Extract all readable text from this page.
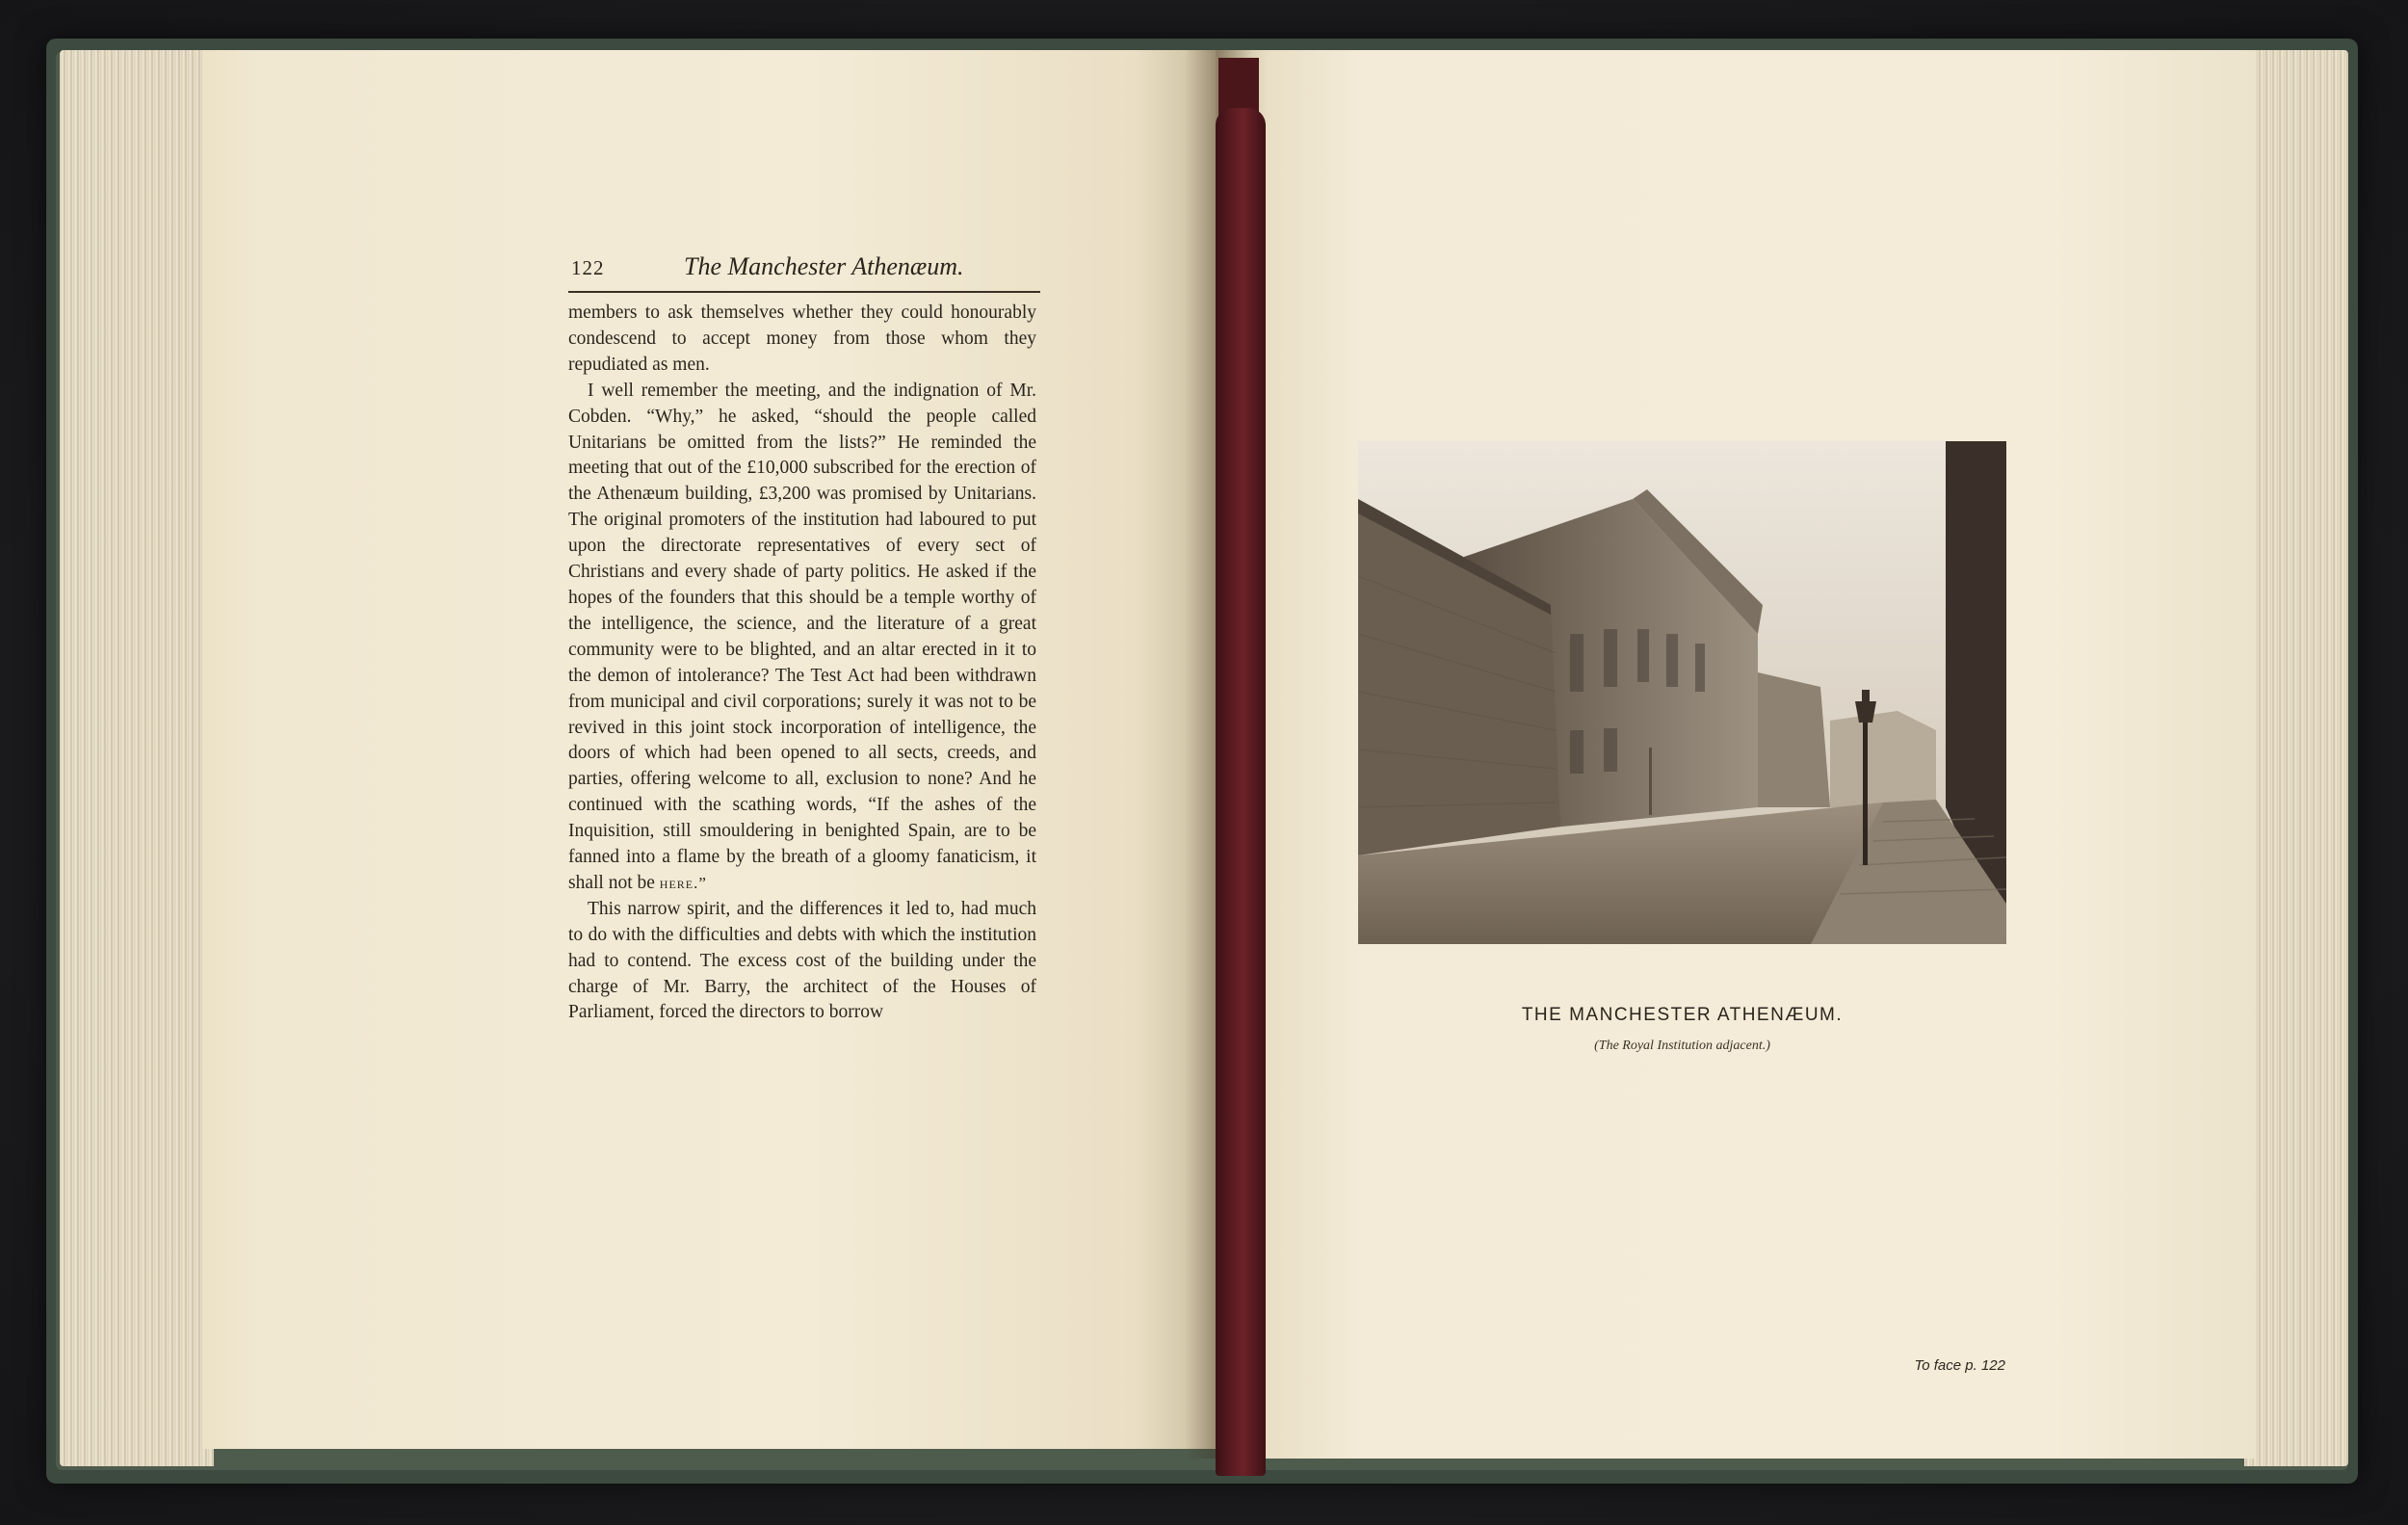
122	The Manchester Athenæum.

members to ask themselves whether they could honourably condescend to accept money from those whom they repudiated as men.

I well remember the meeting, and the indignation of Mr. Cobden. “Why,” he asked, “should the people called Unitarians be omitted from the lists?” He reminded the meeting that out of the £10,000 subscribed for the erection of the Athenæum building, £3,200 was promised by Unitarians. The original promoters of the institution had laboured to put upon the directorate representatives of every sect of Christians and every shade of party politics. He asked if the hopes of the founders that this should be a temple worthy of the intelligence, the science, and the literature of a great community were to be blighted, and an altar erected in it to the demon of intolerance? The Test Act had been withdrawn from municipal and civil corporations; surely it was not to be revived in this joint stock incorporation of intelligence, the doors of which had been opened to all sects, creeds, and parties, offering welcome to all, exclusion to none? And he continued with the scathing words, “If the ashes of the Inquisition, still smouldering in benighted Spain, are to be fanned into a flame by the breath of a gloomy fanaticism, it shall not be here.”

This narrow spirit, and the differences it led to, had much to do with the difficulties and debts with which the institution had to contend. The excess cost of the building under the charge of Mr. Barry, the architect of the Houses of Parliament, forced the directors to borrow	THE MANCHESTER ATHENÆUM.
(The Royal Institution adjacent.)
To face p. 122
